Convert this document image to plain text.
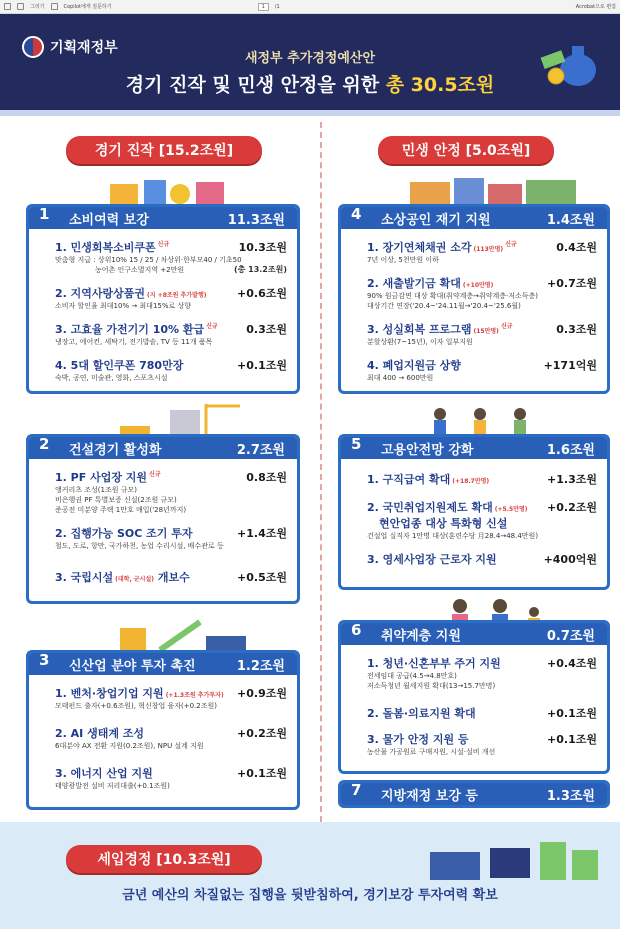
그리기	Copilot에게 질문하기	1	/1	Acrobat으로 편집
기획재정부
새정부 추가경정예산안
경기 진작 및 민생 안정을 위한 총 30.5조원
경기 진작 [15.2조원]	민생 안정 [5.0조원]
1 소비여력 보강	11.3조원
1. 민생회복소비쿠폰 $^{신규}$	10.3조원
맞춤형 지급 : 상위10% 15 / 25 / 차상위·한부모40 / 기초50
농어촌 인구소멸지역 +2만원	(총 13.2조원)
2. 지역사랑상품권 (지 +8조원 추가발행)	+0.6조원
소비자 할인율 최대10% → 최대15%로 상향
3. 고효율 가전기기 10% 환급 $^{신규}$	0.3조원
냉장고, 에어컨, 세탁기, 전기밥솥, TV 등 11개 품목
4. 5대 할인쿠폰 780만장	+0.1조원
숙박, 공연, 미술관, 영화, 스포츠시설
4 소상공인 재기 지원	1.4조원
1. 장기연체채권 소각 (113만명)$^{신규}$	0.4조원
7년 이상, 5천만원 이하
2. 새출발기금 확대 (+10만명)	+0.7조원
90% 원금감면 대상 확대(취약계층→취약계층·저소득층)
대상기간 연장('20.4~'24.11월→'20.4~'25.6월)
3. 성실회복 프로그램 (15만명)$^{신규}$	0.3조원
분할상환(7~15년), 이자 일부지원
4. 폐업지원금 상향	+171억원
최대 400 → 600만원
2 건설경기 활성화	2.7조원
1. PF 사업장 지원 $^{신규}$	0.8조원
앵커리츠 조성(1조원 규모)
비은행권 PF 특별보증 신설(2조원 규모)
준공전 미분양 주택 1만호 매입('28년까지)
2. 집행가능 SOC 조기 투자	+1.4조원
철도, 도로, 항만, 국가하천, 농업 수리시설, 배수관로 등
3. 국립시설 (대학, 군시설) 개보수	+0.5조원
5 고용안전망 강화	1.6조원
1. 구직급여 확대 (+18.7만명)	+1.3조원
2. 국민취업지원제도 확대 (+5.5만명) +0.2조원
현안업종 대상 특화형 신설
건설업 실직자 1만명 대상(훈련수당 月28.4→48.4만원)
3. 영세사업장 근로자 지원	+400억원
3 신산업 분야 투자 촉진	1.2조원
1. 벤처·창업기업 지원 (+1.3조원 추가투자) +0.9조원
모태펀드 출자(+0.6조원), 혁신창업 융자(+0.2조원)
2. AI 생태계 조성	+0.2조원
6대분야 AX 전환 지원(0.2조원), NPU 설계 지원
3. 에너지 산업 지원	+0.1조원
태양광발전 설비 저리대출(+0.1조원)
6 취약계층 지원	0.7조원
1. 청년·신혼부부 주거 지원	+0.4조원
전세임대 공급(4.5→4.8만호)
저소득청년 월세지원 확대(13→15.7만명)
2. 돌봄·의료지원 확대	+0.1조원
3. 물가 안정 지원 등	+0.1조원
농산물 가공원료 구매지원, 시설·설비 개선
7 지방재정 보강 등	1.3조원
세입경정 [10.3조원]
금년 예산의 차질없는 집행을 뒷받침하여, 경기보강 투자여력 확보
